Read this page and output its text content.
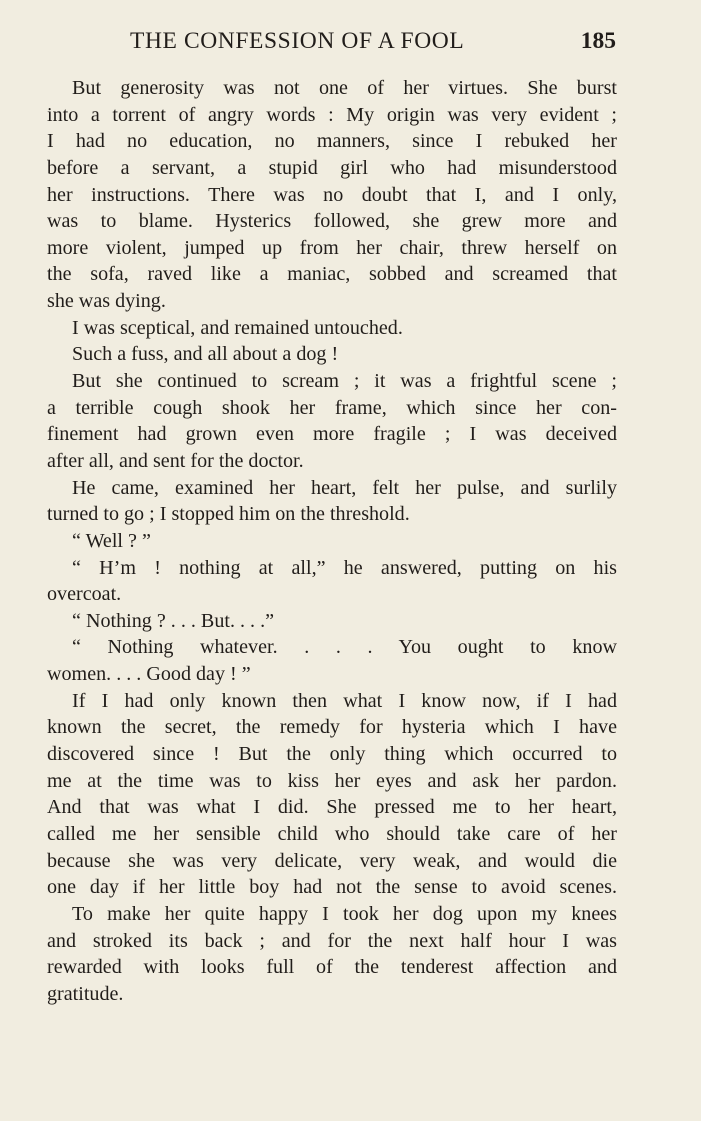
THE CONFESSION OF A FOOL	185
But generosity was not one of her virtues. She burst
into a torrent of angry words : My origin was very evident ;
I had no education, no manners, since I rebuked her
before a servant, a stupid girl who had misunderstood
her instructions. There was no doubt that I, and I only,
was to blame. Hysterics followed, she grew more and
more violent, jumped up from her chair, threw herself on
the sofa, raved like a maniac, sobbed and screamed that
she was dying.
I was sceptical, and remained untouched.
Such a fuss, and all about a dog !
But she continued to scream ; it was a frightful scene ;
a terrible cough shook her frame, which since her con-
finement had grown even more fragile ; I was deceived
after all, and sent for the doctor.
He came, examined her heart, felt her pulse, and surlily
turned to go ; I stopped him on the threshold.
“ Well ? ”
“ H’m ! nothing at all,” he answered, putting on his
overcoat.
“ Nothing ? . . . But. . . .”
“ Nothing whatever. . . . You ought to know
women. . . . Good day ! ”
If I had only known then what I know now, if I had
known the secret, the remedy for hysteria which I have
discovered since ! But the only thing which occurred to
me at the time was to kiss her eyes and ask her pardon.
And that was what I did. She pressed me to her heart,
called me her sensible child who should take care of her
because she was very delicate, very weak, and would die
one day if her little boy had not the sense to avoid scenes.
To make her quite happy I took her dog upon my knees
and stroked its back ; and for the next half hour I was
rewarded with looks full of the tenderest affection and
gratitude.
